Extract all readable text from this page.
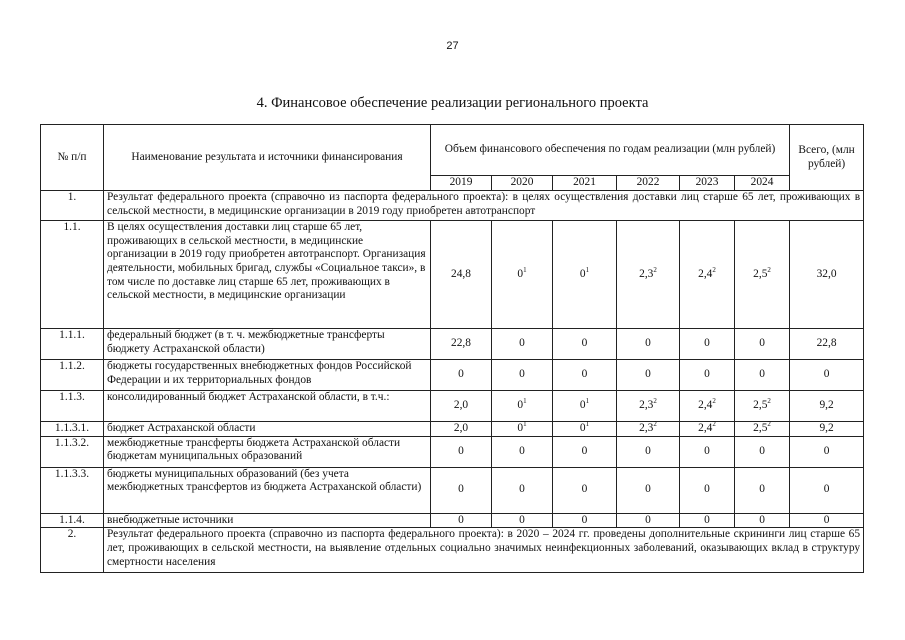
27
4. Финансовое обеспечение реализации регионального проекта
№ п/п	Наименование результата и источники финансирования	Объем финансового обеспечения по годам реализации (млн рублей)						Всего, (млн рублей)
		2019	2020	2021	2022	2023	2024	
1.	Результат федерального проекта (справочно из паспорта федерального проекта): в целях осуществления доставки лиц старше 65 лет, проживающих в сельской местности, в медицинские организации в 2019 году приобретен автотранспорт							
1.1.	В целях осуществления доставки лиц старше 65 лет, проживающих в сельской местности, в медицинские организации в 2019 году приобретен автотранспорт. Организация деятельности, мобильных бригад, службы «Социальное такси», в том числе по доставке лиц старше 65 лет, проживающих в сельской местности, в медицинские организации	24,8	$0^1$	$0^1$	$2,3^2$	$2,4^2$	$2,5^2$	32,0
1.1.1.	федеральный бюджет (в т. ч. межбюджетные трансферты бюджету Астраханской области)	22,8	0	0	0	0	0	22,8
1.1.2.	бюджеты государственных внебюджетных фондов Российской Федерации и их территориальных фондов	0	0	0	0	0	0	0
1.1.3.	консолидированный бюджет Астраханской области, в т.ч.:	2,0	$0^1$	$0^1$	$2,3^2$	$2,4^2$	$2,5^2$	9,2
1.1.3.1.	бюджет Астраханской области	2,0	$0^1$	$0^1$	$2,3^2$	$2,4^2$	$2,5^2$	9,2
1.1.3.2.	межбюджетные трансферты бюджета Астраханской области бюджетам муниципальных образований	0	0	0	0	0	0	0
1.1.3.3.	бюджеты муниципальных образований (без учета межбюджетных трансфертов из бюджета Астраханской области)	0	0	0	0	0	0	0
1.1.4.	внебюджетные источники	0	0	0	0	0	0	0
2.	Результат федерального проекта (справочно из паспорта федерального проекта): в 2020 – 2024 гг. проведены дополнительные скрининги лиц старше 65 лет, проживающих в сельской местности, на выявление отдельных социально значимых неинфекционных заболеваний, оказывающих вклад в структуру смертности населения							
